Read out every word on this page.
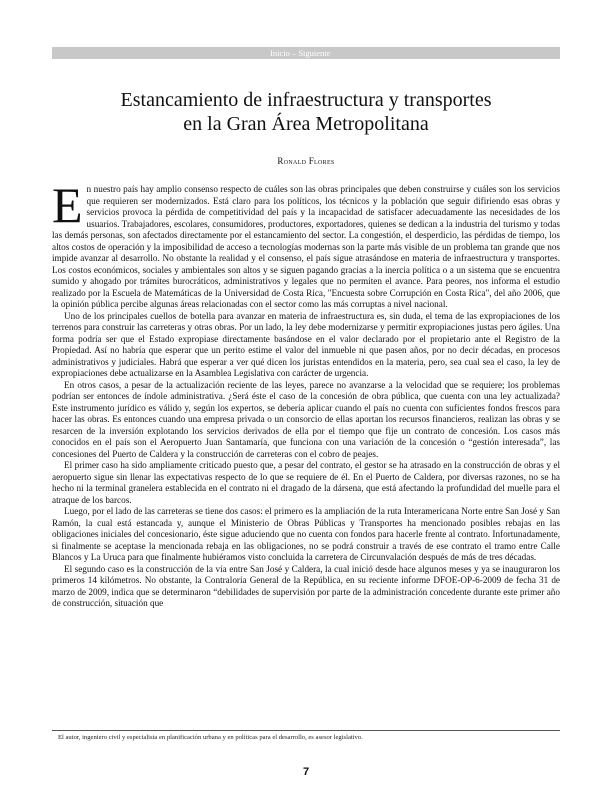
Inicio – Siguiente
Estancamiento de infraestructura y transportes
en la Gran Área Metropolitana
Ronald Flores

En nuestro país hay amplio consenso respecto de cuáles son las obras principales que deben construirse y cuáles son los servicios que requieren ser modernizados. Está claro para los políticos, los técnicos y la población que seguir difiriendo esas obras y servicios provoca la pérdida de competitividad del país y la incapacidad de satisfacer adecuadamente las necesidades de los usuarios. Trabajadores, escolares, consumidores, productores, exportadores, quienes se dedican a la industria del turismo y todas las demás personas, son afectados directamente por el estancamiento del sector. La congestión, el desperdicio, las pérdidas de tiempo, los altos costos de operación y la imposibilidad de acceso a tecnologías modernas son la parte más visible de un problema tan grande que nos impide avanzar al desarrollo. No obstante la realidad y el consenso, el país sigue atrasándose en materia de infraestructura y transportes. Los costos económicos, sociales y ambientales son altos y se siguen pagando gracias a la inercia política o a un sistema que se encuentra sumido y ahogado por trámites burocráticos, administrativos y legales que no permiten el avance. Para peores, nos informa el estudio realizado por la Escuela de Matemáticas de la Universidad de Costa Rica, "Encuesta sobre Corrupción en Costa Rica", del año 2006, que la opinión pública percibe algunas áreas relacionadas con el sector como las más corruptas a nivel nacional.

Uno de los principales cuellos de botella para avanzar en materia de infraestructura es, sin duda, el tema de las expropiaciones de los terrenos para construir las carreteras y otras obras. Por un lado, la ley debe modernizarse y permitir expropiaciones justas pero ágiles. Una forma podría ser que el Estado expropiase directamente basándose en el valor declarado por el propietario ante el Registro de la Propiedad. Así no habría que esperar que un perito estime el valor del inmueble ni que pasen años, por no decir décadas, en procesos administrativos y judiciales. Habrá que esperar a ver qué dicen los juristas entendidos en la materia, pero, sea cual sea el caso, la ley de expropiaciones debe actualizarse en la Asamblea Legislativa con carácter de urgencia.

En otros casos, a pesar de la actualización reciente de las leyes, parece no avanzarse a la velocidad que se requiere; los problemas podrían ser entonces de índole administrativa. ¿Será éste el caso de la concesión de obra pública, que cuenta con una ley actualizada? Este instrumento jurídico es válido y, según los expertos, se debería aplicar cuando el país no cuenta con suficientes fondos frescos para hacer las obras. Es entonces cuando una empresa privada o un consorcio de ellas aportan los recursos financieros, realizan las obras y se resarcen de la inversión explotando los servicios derivados de ella por el tiempo que fije un contrato de concesión. Los casos más conocidos en el país son el Aeropuerto Juan Santamaría, que funciona con una variación de la concesión o “gestión interesada”, las concesiones del Puerto de Caldera y la construcción de carreteras con el cobro de peajes.

El primer caso ha sido ampliamente criticado puesto que, a pesar del contrato, el gestor se ha atrasado en la construcción de obras y el aeropuerto sigue sin llenar las expectativas respecto de lo que se requiere de él. En el Puerto de Caldera, por diversas razones, no se ha hecho ni la terminal granelera establecida en el contrato ni el dragado de la dársena, que está afectando la profundidad del muelle para el atraque de los barcos.

Luego, por el lado de las carreteras se tiene dos casos: el primero es la ampliación de la ruta Interamericana Norte entre San José y San Ramón, la cual está estancada y, aunque el Ministerio de Obras Públicas y Transportes ha mencionado posibles rebajas en las obligaciones iniciales del concesionario, éste sigue aduciendo que no cuenta con fondos para hacerle frente al contrato. Infortunadamente, si finalmente se aceptase la mencionada rebaja en las obligaciones, no se podrá construir a través de ese contrato el tramo entre Calle Blancos y La Uruca para que finalmente hubiéramos visto concluida la carretera de Circunvalación después de más de tres décadas.

El segundo caso es la construcción de la vía entre San José y Caldera, la cual inició desde hace algunos meses y ya se inauguraron los primeros 14 kilómetros. No obstante, la Contraloría General de la República, en su reciente informe DFOE-OP-6-2009 de fecha 31 de marzo de 2009, indica que se determinaron “debilidades de supervisión por parte de la administración concedente durante este primer año de construcción, situación que

El autor, ingeniero civil y especialista en planificación urbana y en políticas para el desarrollo, es asesor legislativo.
7
